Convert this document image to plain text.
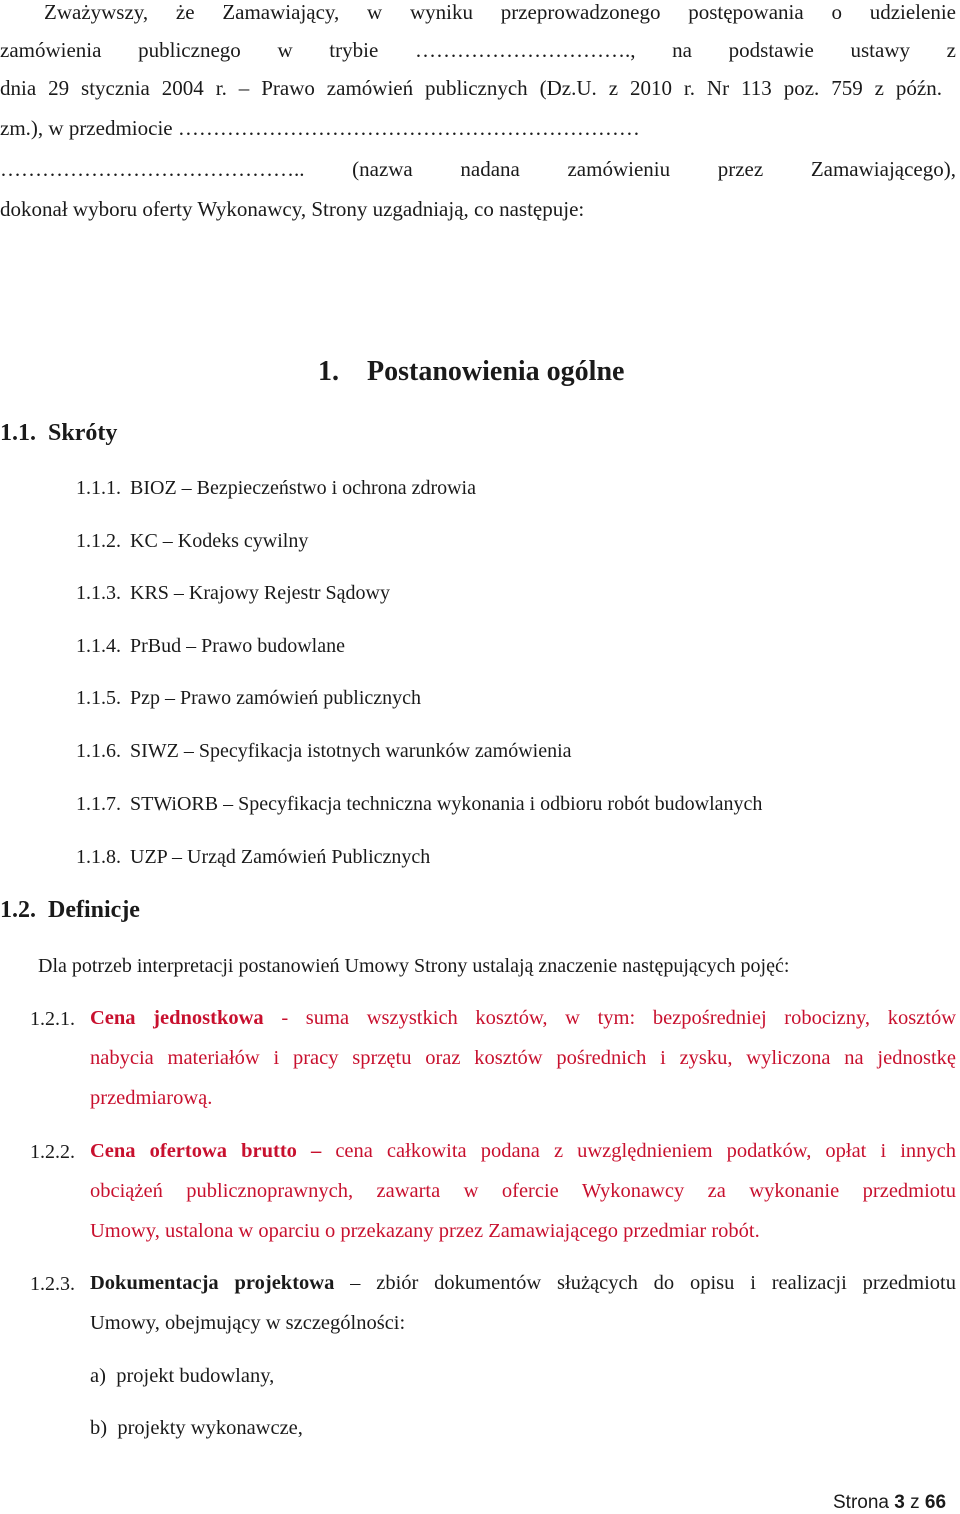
Zważywszy, że Zamawiający, w wyniku przeprowadzonego postępowania o udzielenie
zamówienia publicznego w trybie …………………………., na podstawie ustawy z
dnia 29 stycznia 2004 r. – Prawo zamówień publicznych (Dz.U. z 2010 r. Nr 113 poz. 759 z późn.
zm.), w przedmiocie …………………………………………………………
…………………………………….. (nazwa nadana zamówieniu przez Zamawiającego),
dokonał wyboru oferty Wykonawcy, Strony uzgadniają, co następuje:
1. Postanowienia ogólne
1.1. Skróty
1.1.1. BIOZ – Bezpieczeństwo i ochrona zdrowia
1.1.2. KC – Kodeks cywilny
1.1.3. KRS – Krajowy Rejestr Sądowy
1.1.4. PrBud – Prawo budowlane
1.1.5. Pzp – Prawo zamówień publicznych
1.1.6. SIWZ – Specyfikacja istotnych warunków zamówienia
1.1.7. STWiORB – Specyfikacja techniczna wykonania i odbioru robót budowlanych
1.1.8. UZP – Urząd Zamówień Publicznych
1.2. Definicje
Dla potrzeb interpretacji postanowień Umowy Strony ustalają znaczenie następujących pojęć:
1.2.1. Cena jednostkowa - suma wszystkich kosztów, w tym: bezpośredniej robocizny, kosztów
nabycia materiałów i pracy sprzętu oraz kosztów pośrednich i zysku, wyliczona na jednostkę
przedmiarową.
1.2.2. Cena ofertowa brutto – cena całkowita podana z uwzględnieniem podatków, opłat i innych
obciążeń publicznoprawnych, zawarta w ofercie Wykonawcy za wykonanie przedmiotu
Umowy, ustalona w oparciu o przekazany przez Zamawiającego przedmiar robót.
1.2.3. Dokumentacja projektowa – zbiór dokumentów służących do opisu i realizacji przedmiotu
Umowy, obejmujący w szczególności:
a) projekt budowlany,
b) projekty wykonawcze,
Strona 3 z 66
